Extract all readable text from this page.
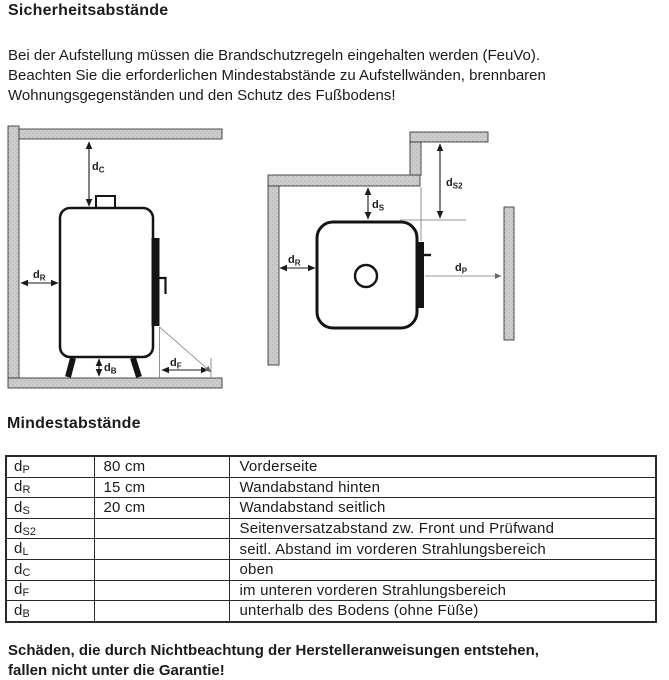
Sicherheitsabstände

Bei der Aufstellung müssen die Brandschutzregeln eingehalten werden (FeuVo).
Beachten Sie die erforderlichen Mindestabstände zu Aufstellwänden, brennbaren
Wohnungsgegenständen und den Schutz des Fußbodens!

$d_C$
$d_R$
$d_B$
$d_F$
$d_S$
$d_{S2}$
$d_R$	$d_P$
Mindestabstände
$d_P$	80 cm	Vorderseite
$d_R$	15 cm	Wandabstand hinten
$d_S$	20 cm	Wandabstand seitlich
$d_{S2}$		Seitenversatzabstand zw. Front und Prüfwand
$d_L$		seitl. Abstand im vorderen Strahlungsbereich
$d_C$		oben
$d_F$		im unteren vorderen Strahlungsbereich
$d_B$		unterhalb des Bodens (ohne Füße)

Schäden, die durch Nichtbeachtung der Herstelleranweisungen entstehen,
fallen nicht unter die Garantie!
